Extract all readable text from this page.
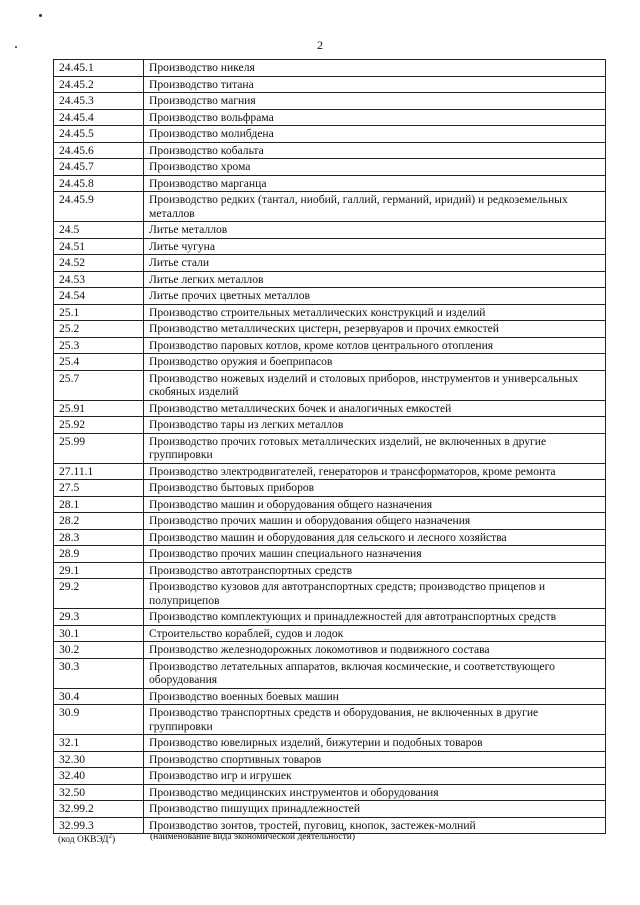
2
24.45.1	Производство никеля
24.45.2	Производство титана
24.45.3	Производство магния
24.45.4	Производство вольфрама
24.45.5	Производство молибдена
24.45.6	Производство кобальта
24.45.7	Производство хрома
24.45.8	Производство марганца
24.45.9	Производство редких (тантал, ниобий, галлий, германий, иридий) и редкоземельных металлов
24.5	Литье металлов
24.51	Литье чугуна
24.52	Литье стали
24.53	Литье легких металлов
24.54	Литье прочих цветных металлов
25.1	Производство строительных металлических конструкций и изделий
25.2	Производство металлических цистерн, резервуаров и прочих емкостей
25.3	Производство паровых котлов, кроме котлов центрального отопления
25.4	Производство оружия и боеприпасов
25.7	Производство ножевых изделий и столовых приборов, инструментов и универсальных скобяных изделий
25.91	Производство металлических бочек и аналогичных емкостей
25.92	Производство тары из легких металлов
25.99	Производство прочих готовых металлических изделий, не включенных в другие группировки
27.11.1	Производство электродвигателей, генераторов и трансформаторов, кроме ремонта
27.5	Производство бытовых приборов
28.1	Производство машин и оборудования общего назначения
28.2	Производство прочих машин и оборудования общего назначения
28.3	Производство машин и оборудования для сельского и лесного хозяйства
28.9	Производство прочих машин специального назначения
29.1	Производство автотранспортных средств
29.2	Производство кузовов для автотранспортных средств; производство прицепов и полуприцепов
29.3	Производство комплектующих и принадлежностей для автотранспортных средств
30.1	Строительство кораблей, судов и лодок
30.2	Производство железнодорожных локомотивов и подвижного состава
30.3	Производство летательных аппаратов, включая космические, и соответствующего оборудования
30.4	Производство военных боевых машин
30.9	Производство транспортных средств и оборудования, не включенных в другие группировки
32.1	Производство ювелирных изделий, бижутерии и подобных товаров
32.30	Производство спортивных товаров
32.40	Производство игр и игрушек
32.50	Производство медицинских инструментов и оборудования
32.99.2	Производство пишущих принадлежностей
32.99.3	Производство зонтов, тростей, пуговиц, кнопок, застежек-молний
(код ОКВЭД$^2$)	(наименование вида экономической деятельности)
